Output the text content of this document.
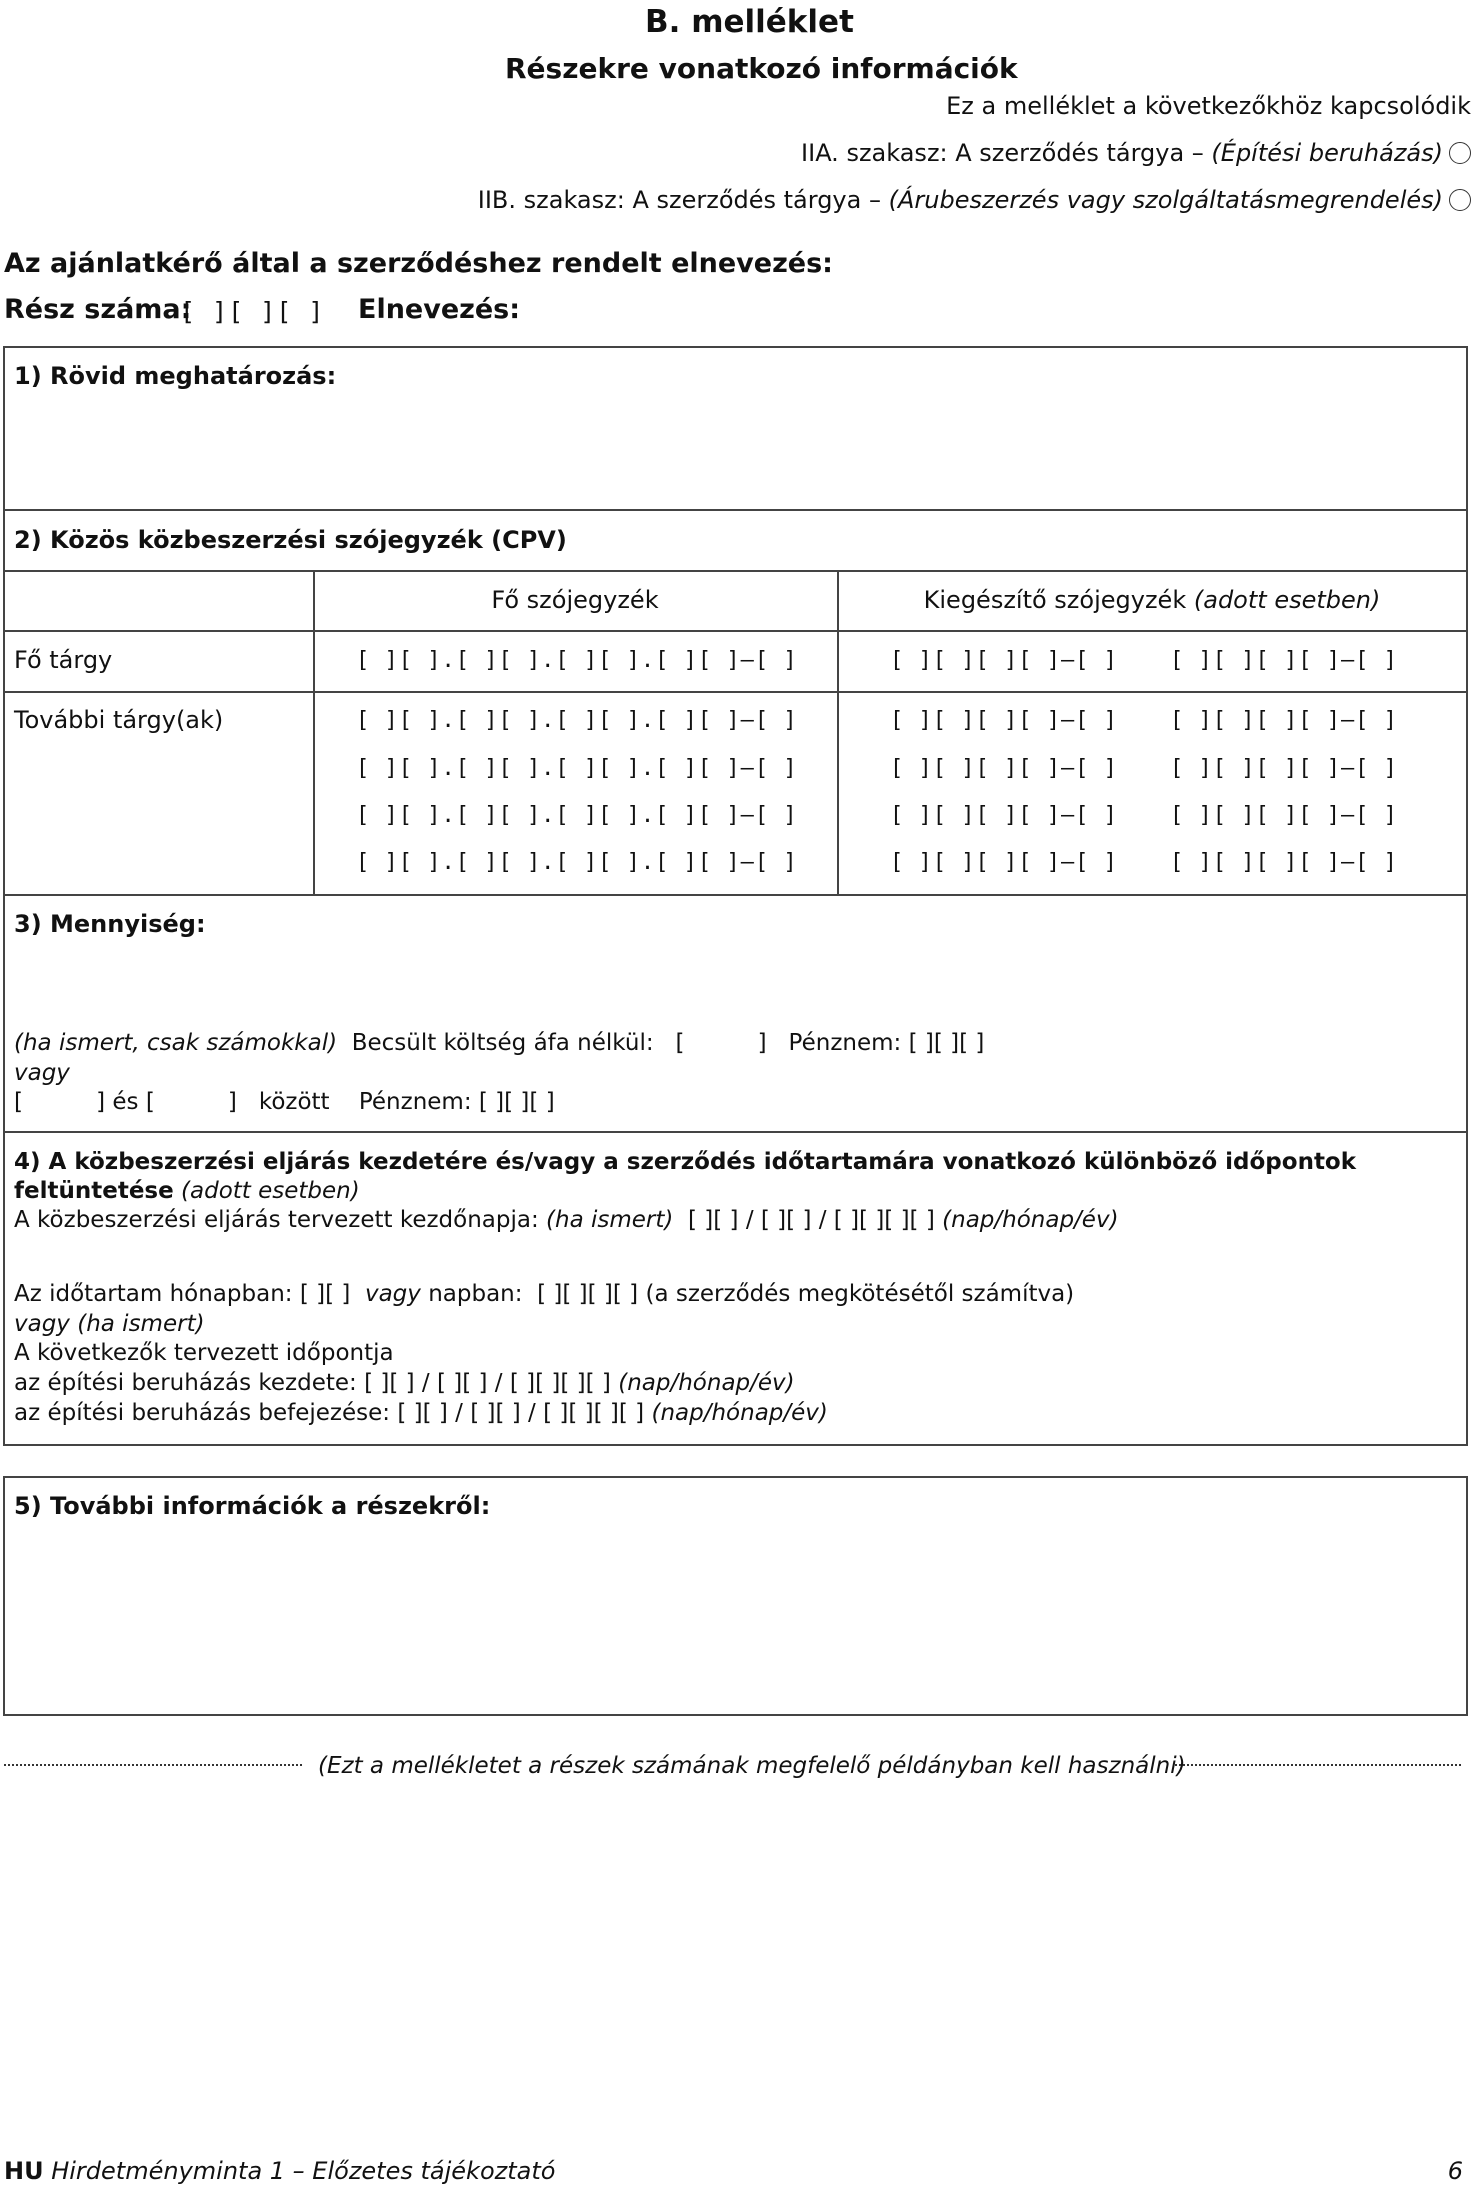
B. melléklet
Részekre vonatkozó információk
Ez a melléklet a következőkhöz kapcsolódik
IIA. szakasz: A szerződés tárgya – (Építési beruházás)
IIB. szakasz: A szerződés tárgya – (Árubeszerzés vagy szolgáltatásmegrendelés)
Az ajánlatkérő által a szerződéshez rendelt elnevezés:
Rész száma:
[ ][ ][ ] Elnevezés:
1) Rövid meghatározás:
2) Közös közbeszerzési szójegyzék (CPV)
Fő szójegyzék	Kiegészítő szójegyzék (adott esetben)
Fő tárgy	[ ][ ].[ ][ ].[ ][ ].[ ][ ]–[ ]	[ ][ ][ ][ ]–[ ] [ ][ ][ ][ ]–[ ]
További tárgy(ak)	[ ][ ].[ ][ ].[ ][ ].[ ][ ]–[ ]	[ ][ ][ ][ ]–[ ] [ ][ ][ ][ ]–[ ]
[ ][ ].[ ][ ].[ ][ ].[ ][ ]–[ ]	[ ][ ][ ][ ]–[ ] [ ][ ][ ][ ]–[ ]
[ ][ ].[ ][ ].[ ][ ].[ ][ ]–[ ]	[ ][ ][ ][ ]–[ ] [ ][ ][ ][ ]–[ ]
[ ][ ].[ ][ ].[ ][ ].[ ][ ]–[ ]	[ ][ ][ ][ ]–[ ] [ ][ ][ ][ ]–[ ]
3) Mennyiség:
(ha ismert, csak számokkal) Becsült költség áfa nélkül: [          ] Pénznem: [ ][ ][ ]
vagy
[          ] és [          ] között Pénznem: [ ][ ][ ]
4) A közbeszerzési eljárás kezdetére és/vagy a szerződés időtartamára vonatkozó különböző időpontok feltüntetése (adott esetben)
A közbeszerzési eljárás tervezett kezdőnapja: (ha ismert) [ ][ ] / [ ][ ] / [ ][ ][ ][ ] (nap/hónap/év)
Az időtartam hónapban: [ ][ ] vagy napban: [ ][ ][ ][ ] (a szerződés megkötésétől számítva)
vagy (ha ismert)
A következők tervezett időpontja
az építési beruházás kezdete: [ ][ ] / [ ][ ] / [ ][ ][ ][ ] (nap/hónap/év)
az építési beruházás befejezése: [ ][ ] / [ ][ ] / [ ][ ][ ][ ] (nap/hónap/év)
5) További információk a részekről:
(Ezt a mellékletet a részek számának megfelelő példányban kell használni)
HU Hirdetményminta 1 – Előzetes tájékoztató	6
